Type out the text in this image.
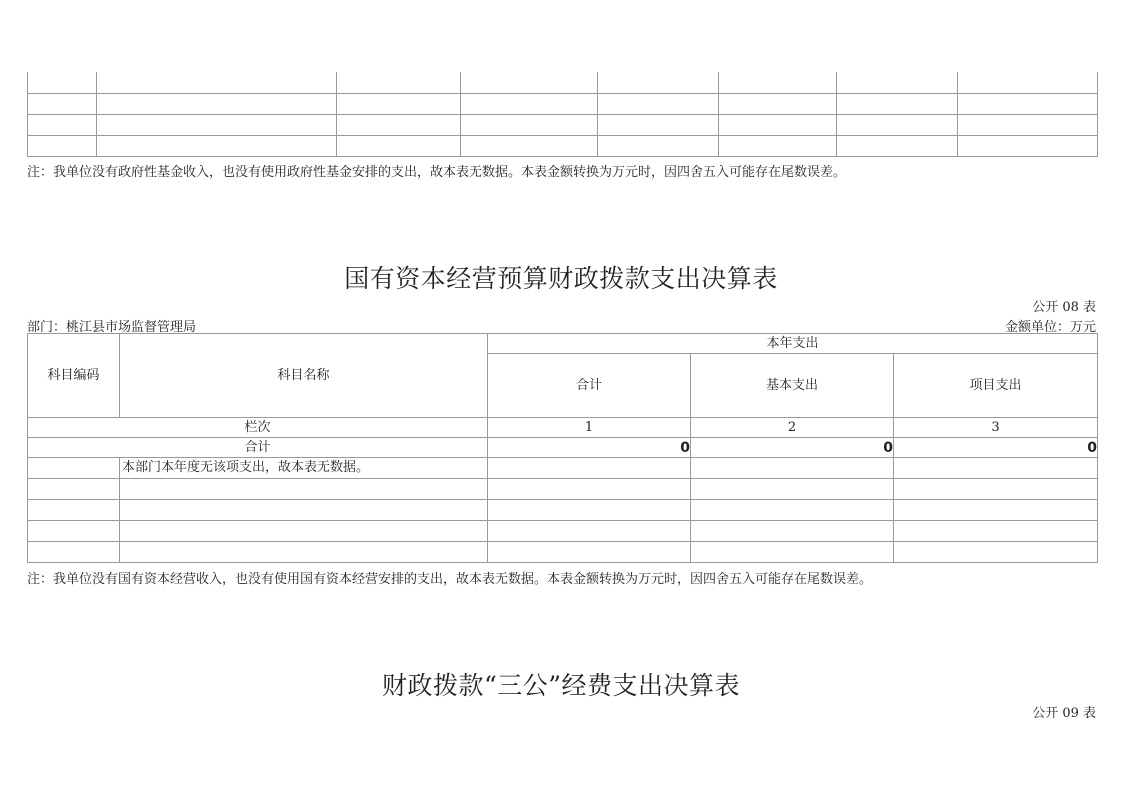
注：我单位没有政府性基金收入，也没有使用政府性基金安排的支出，故本表无数据。本表金额转换为万元时，因四舍五入可能存在尾数误差。
国有资本经营预算财政拨款支出决算表
公开 08 表
部门：桃江县市场监督管理局	金额单位：万元
科目编码	科目名称	本年支出		
		合计	基本支出	项目支出
栏次		1	2	3
合计		0	0	0
	本部门本年度无该项支出，故本表无数据。			

注：我单位没有国有资本经营收入，也没有使用国有资本经营安排的支出，故本表无数据。本表金额转换为万元时，因四舍五入可能存在尾数误差。
财政拨款“三公”经费支出决算表
公开 09 表
